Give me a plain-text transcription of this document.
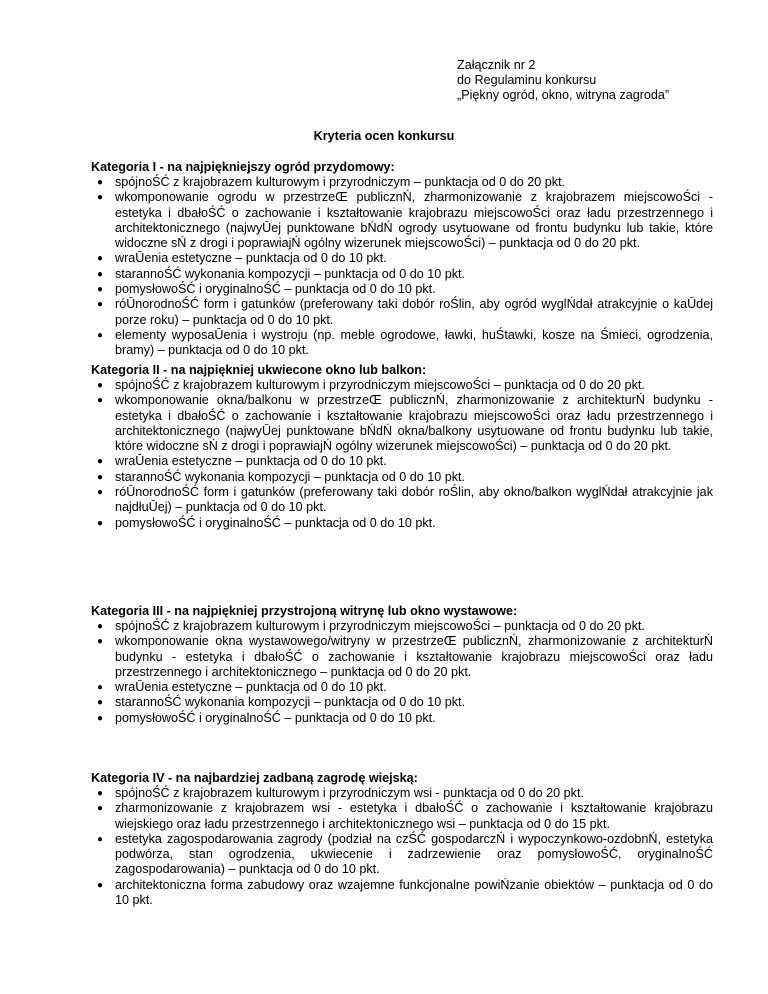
Załącznik nr 2
do Regulaminu konkursu
„Piękny ogród, okno, witryna zagroda”
Kryteria ocen konkursu
Kategoria I - na najpiękniejszy ogród przydomowy:
● spójnoŚĆ z krajobrazem kulturowym i przyrodniczym – punktacja od 0 do 20 pkt.
● wkomponowanie ogrodu w przestrzeŒ publicznŃ, zharmonizowanie z krajobrazem miejscowoŚci - estetyka i dbałoŚĆ o zachowanie i kształtowanie krajobrazu miejscowoŚci oraz ładu przestrzennego i architektonicznego (najwyŪej punktowane bŃdŃ ogrody usytuowane od frontu budynku lub takie, które widoczne sŃ z drogi i poprawiajŃ ogólny wizerunek miejscowoŚci) – punktacja od 0 do 20 pkt.
● wraŪenia estetyczne – punktacja od 0 do 10 pkt.
● starannoŚĆ wykonania kompozycji – punktacja od 0 do 10 pkt.
● pomysłowoŚĆ i oryginalnoŚĆ – punktacja od 0 do 10 pkt.
● róŪnorodnoŚĆ form i gatunków (preferowany taki dobór roŚlin, aby ogród wyglŃdał atrakcyjnie o kaŪdej porze roku) – punktacja od 0 do 10 pkt.
● elementy wyposaŪenia i wystroju (np. meble ogrodowe, ławki, huŚtawki, kosze na Śmieci, ogrodzenia, bramy) – punktacja od 0 do 10 pkt.
Kategoria II - na najpiękniej ukwiecone okno lub balkon:
● spójnoŚĆ z krajobrazem kulturowym i przyrodniczym miejscowoŚci – punktacja od 0 do 20 pkt.
● wkomponowanie okna/balkonu w przestrzeŒ publicznŃ, zharmonizowanie z architekturŃ budynku - estetyka i dbałoŚĆ o zachowanie i kształtowanie krajobrazu miejscowoŚci oraz ładu przestrzennego i architektonicznego (najwyŪej punktowane bŃdŃ okna/balkony usytuowane od frontu budynku lub takie, które widoczne sŃ z drogi i poprawiajŃ ogólny wizerunek miejscowoŚci) – punktacja od 0 do 20 pkt.
● wraŪenia estetyczne – punktacja od 0 do 10 pkt.
● starannoŚĆ wykonania kompozycji – punktacja od 0 do 10 pkt.
● róŪnorodnoŚĆ form i gatunków (preferowany taki dobór roŚlin, aby okno/balkon wyglŃdał atrakcyjnie jak najdłuŪej) – punktacja od 0 do 10 pkt.
● pomysłowoŚĆ i oryginalnoŚĆ – punktacja od 0 do 10 pkt.
Kategoria III - na najpiękniej przystrojoną witrynę lub okno wystawowe:
● spójnoŚĆ z krajobrazem kulturowym i przyrodniczym miejscowoŚci – punktacja od 0 do 20 pkt.
● wkomponowanie okna wystawowego/witryny w przestrzeŒ publicznŃ, zharmonizowanie z architekturŃ budynku - estetyka i dbałoŚĆ o zachowanie i kształtowanie krajobrazu miejscowoŚci oraz ładu przestrzennego i architektonicznego – punktacja od 0 do 20 pkt.
● wraŪenia estetyczne – punktacja od 0 do 10 pkt.
● starannoŚĆ wykonania kompozycji – punktacja od 0 do 10 pkt.
● pomysłowoŚĆ i oryginalnoŚĆ – punktacja od 0 do 10 pkt.
Kategoria IV - na najbardziej zadbaną zagrodę wiejską:
● spójnoŚĆ z krajobrazem kulturowym i przyrodniczym wsi - punktacja od 0 do 20 pkt.
● zharmonizowanie z krajobrazem wsi - estetyka i dbałoŚĆ o zachowanie i kształtowanie krajobrazu wiejskiego oraz ładu przestrzennego i architektonicznego wsi – punktacja od 0 do 15 pkt.
● estetyka zagospodarowania zagrody (podział na czŚĆ gospodarczŃ i wypoczynkowo-ozdobnŃ, estetyka podwórza, stan ogrodzenia, ukwiecenie i zadrzewienie oraz pomysłowoŚĆ, oryginalnoŚĆ zagospodarowania) – punktacja od 0 do 10 pkt.
● architektoniczna forma zabudowy oraz wzajemne funkcjonalne powiŃzanie obiektów – punktacja od 0 do 10 pkt.
